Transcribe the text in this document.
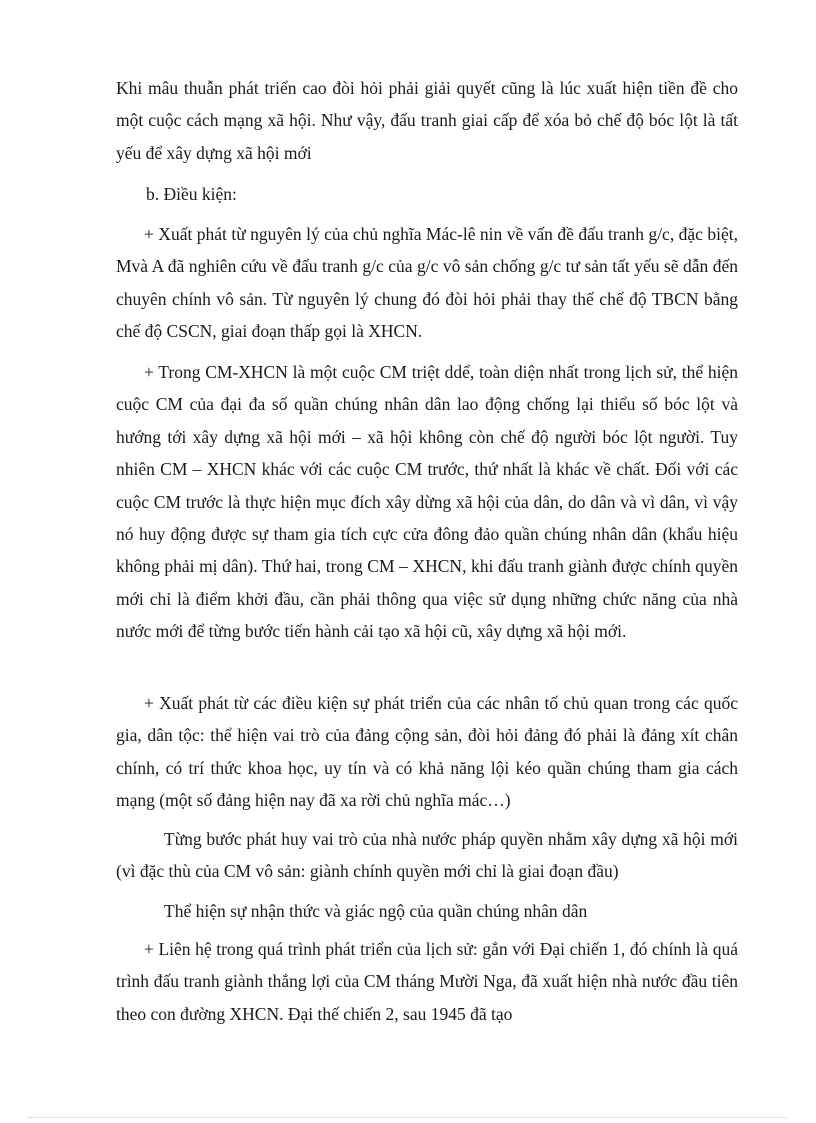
Khi mâu thuẫn phát triển cao đòi hỏi phải giải quyết cũng là lúc xuất hiện tiền đề cho một cuộc cách mạng xã hội. Như vậy, đấu tranh giai cấp để xóa bỏ chế độ bóc lột là tất yếu để xây dựng xã hội mới

b. Điều kiện:

+ Xuất phát từ nguyên lý của chủ nghĩa Mác-lê nin về vấn đề đấu tranh g/c, đặc biệt, Mvà A đã nghiên cứu về đấu tranh g/c của g/c vô sản chống g/c tư sản tất yếu sẽ dẫn đến chuyên chính vô sản. Từ nguyên lý chung đó đòi hỏi phải thay thế chế độ TBCN bằng chế độ CSCN, giai đoạn thấp gọi là XHCN.

+ Trong CM-XHCN là một cuộc CM triệt ddể, toàn diện nhất trong lịch sử, thể hiện cuộc CM của đại đa số quần chúng nhân dân lao động chống lại thiểu số bóc lột và hướng tới xây dựng xã hội mới – xã hội không còn chế độ người bóc lột người. Tuy nhiên CM – XHCN khác với các cuộc CM trước, thứ nhất là khác về chất. Đối với các cuộc CM trước là thực hiện mục đích xây dừng xã hội của dân, do dân và vì dân, vì vậy nó huy động được sự tham gia tích cực cửa đông đảo quần chúng nhân dân (khẩu hiệu không phải mị dân). Thứ hai, trong CM – XHCN, khi đấu tranh giành được chính quyền mới chỉ là điểm khởi đầu, cần phải thông qua việc sử dụng những chức năng của nhà nước mới để từng bước tiến hành cải tạo xã hội cũ, xây dựng xã hội mới.

+ Xuất phát từ các điều kiện sự phát triển của các nhân tố chủ quan trong các quốc gia, dân tộc: thể hiện vai trò của đảng cộng sản, đòi hỏi đảng đó phải là đảng xít chân chính, có trí thức khoa học, uy tín và có khả năng lội kéo quần chúng tham gia cách mạng (một số đảng hiện nay đã xa rời chủ nghĩa mác…)

Từng bước phát huy vai trò của nhà nước pháp quyền nhằm xây dựng xã hội mới (vì đặc thù của CM vô sản: giành chính quyền mới chỉ là giai đoạn đầu)

Thể hiện sự nhận thức và giác ngộ của quần chúng nhân dân

+ Liên hệ trong quá trình phát triển của lịch sử: gắn với Đại chiến 1, đó chính là quá trình đấu tranh giành thắng lợi của CM tháng Mười Nga, đã xuất hiện nhà nước đầu tiên theo con đường XHCN. Đại thế chiến 2, sau 1945 đã tạo
